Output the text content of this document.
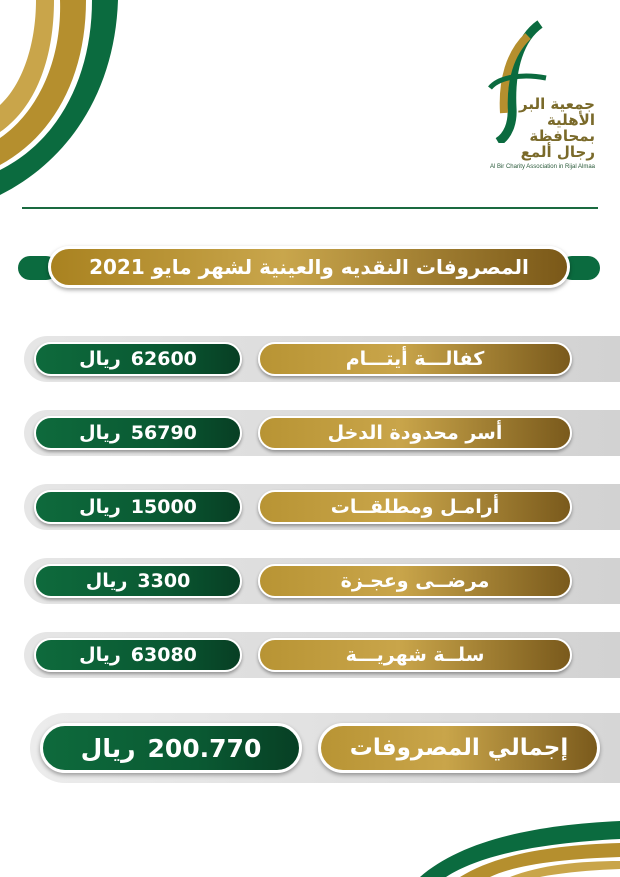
جمعية البر
الأهلية
بمحافظة
رجال ألمع
Al Bir Charity Association in Rijal Almaa
المصروفات النقديه والعينية لشهر مايو 2021
ريال 62600	كفالـــة أيتـــام
ريال 56790	أسر محدودة الدخل
ريال 15000	أرامـل ومطلقــات
ريال 3300	مرضــى وعجـزة
ريال 63080	سلــة شهريـــة
ريال 200.770	إجمالي المصروفات
